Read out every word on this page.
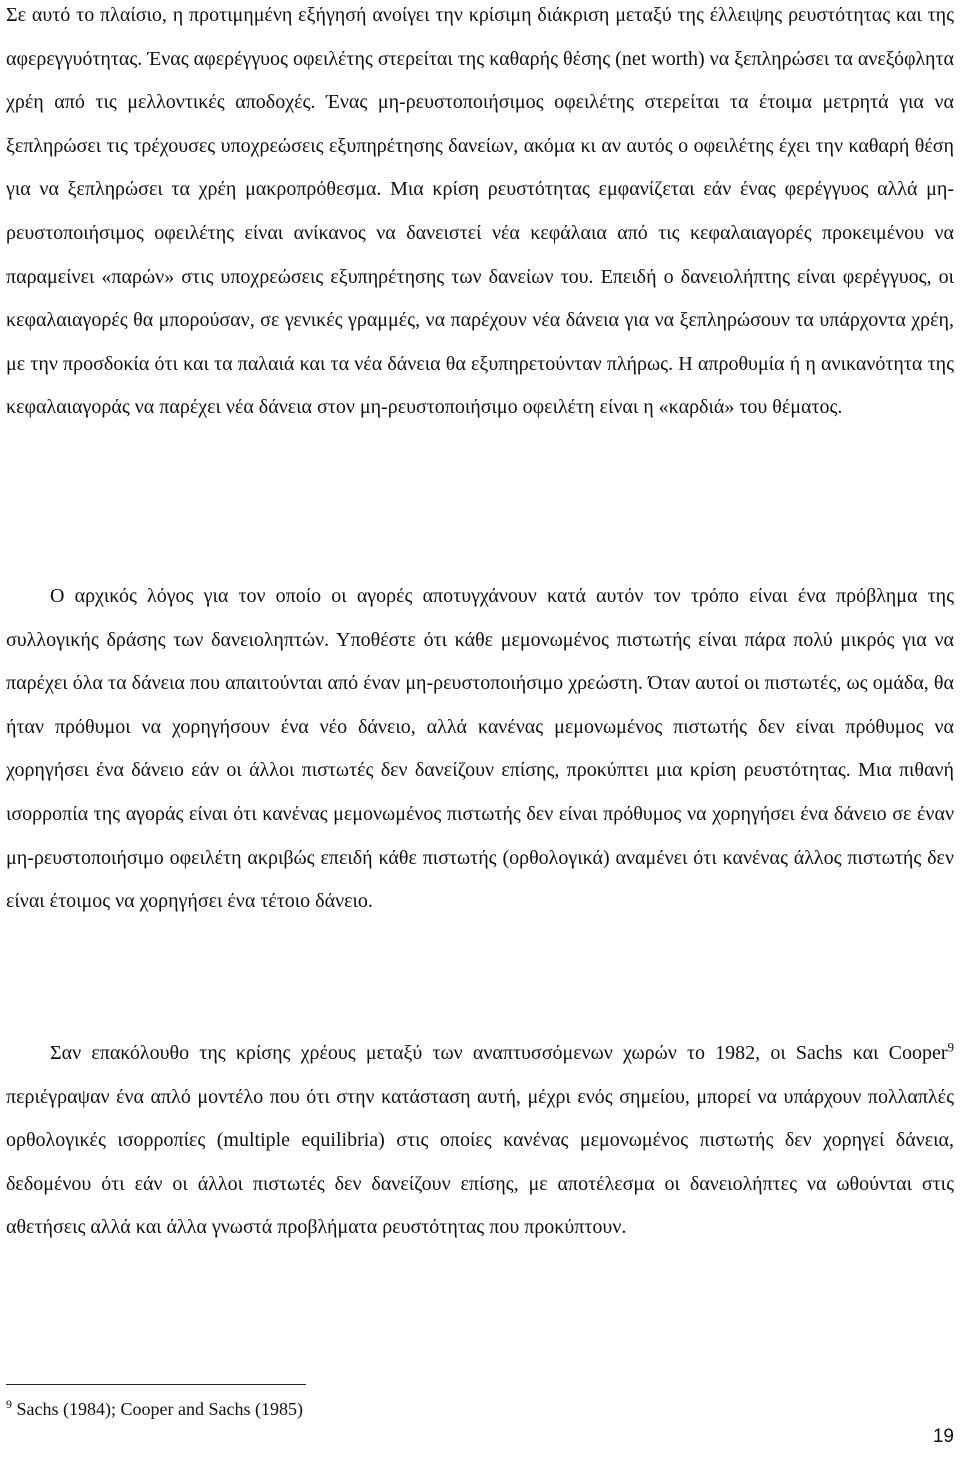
Σε αυτό το πλαίσιο, η προτιμημένη εξήγησή ανοίγει την κρίσιμη διάκριση μεταξύ της έλλειψης ρευστότητας και της αφερεγγυότητας. Ένας αφερέγγυος οφειλέτης στερείται της καθαρής θέσης (net worth) να ξεπληρώσει τα ανεξόφλητα χρέη από τις μελλοντικές αποδοχές. Ένας μη-ρευστοποιήσιμος οφειλέτης στερείται τα έτοιμα μετρητά για να ξεπληρώσει τις τρέχουσες υποχρεώσεις εξυπηρέτησης δανείων, ακόμα κι αν αυτός ο οφειλέτης έχει την καθαρή θέση για να ξεπληρώσει τα χρέη μακροπρόθεσμα. Μια κρίση ρευστότητας εμφανίζεται εάν ένας φερέγγυος αλλά μη-ρευστοποιήσιμος οφειλέτης είναι ανίκανος να δανειστεί νέα κεφάλαια από τις κεφαλαιαγορές προκειμένου να παραμείνει «παρών» στις υποχρεώσεις εξυπηρέτησης των δανείων του. Επειδή ο δανειολήπτης είναι φερέγγυος, οι κεφαλαιαγορές θα μπορούσαν, σε γενικές γραμμές, να παρέχουν νέα δάνεια για να ξεπληρώσουν τα υπάρχοντα χρέη, με την προσδοκία ότι και τα παλαιά και τα νέα δάνεια θα εξυπηρετούνταν πλήρως. Η απροθυμία ή η ανικανότητα της κεφαλαιαγοράς να παρέχει νέα δάνεια στον μη-ρευστοποιήσιμο οφειλέτη είναι η «καρδιά» του θέματος.

Ο αρχικός λόγος για τον οποίο οι αγορές αποτυγχάνουν κατά αυτόν τον τρόπο είναι ένα πρόβλημα της συλλογικής δράσης των δανειοληπτών. Υποθέστε ότι κάθε μεμονωμένος πιστωτής είναι πάρα πολύ μικρός για να παρέχει όλα τα δάνεια που απαιτούνται από έναν μη-ρευστοποιήσιμο χρεώστη. Όταν αυτοί οι πιστωτές, ως ομάδα, θα ήταν πρόθυμοι να χορηγήσουν ένα νέο δάνειο, αλλά κανένας μεμονωμένος πιστωτής δεν είναι πρόθυμος να χορηγήσει ένα δάνειο εάν οι άλλοι πιστωτές δεν δανείζουν επίσης, προκύπτει μια κρίση ρευστότητας. Μια πιθανή ισορροπία της αγοράς είναι ότι κανένας μεμονωμένος πιστωτής δεν είναι πρόθυμος να χορηγήσει ένα δάνειο σε έναν μη-ρευστοποιήσιμο οφειλέτη ακριβώς επειδή κάθε πιστωτής (ορθολογικά) αναμένει ότι κανένας άλλος πιστωτής δεν είναι έτοιμος να χορηγήσει ένα τέτοιο δάνειο.

Σαν επακόλουθο της κρίσης χρέους μεταξύ των αναπτυσσόμενων χωρών το 1982, οι Sachs και Cooper$^9$ περιέγραψαν ένα απλό μοντέλο που ότι στην κατάσταση αυτή, μέχρι ενός σημείου, μπορεί να υπάρχουν πολλαπλές ορθολογικές ισορροπίες (multiple equilibria) στις οποίες κανένας μεμονωμένος πιστωτής δεν χορηγεί δάνεια, δεδομένου ότι εάν οι άλλοι πιστωτές δεν δανείζουν επίσης, με αποτέλεσμα οι δανειολήπτες να ωθούνται στις αθετήσεις αλλά και άλλα γνωστά προβλήματα ρευστότητας που προκύπτουν.

$^9$ Sachs (1984); Cooper and Sachs (1985)
19
